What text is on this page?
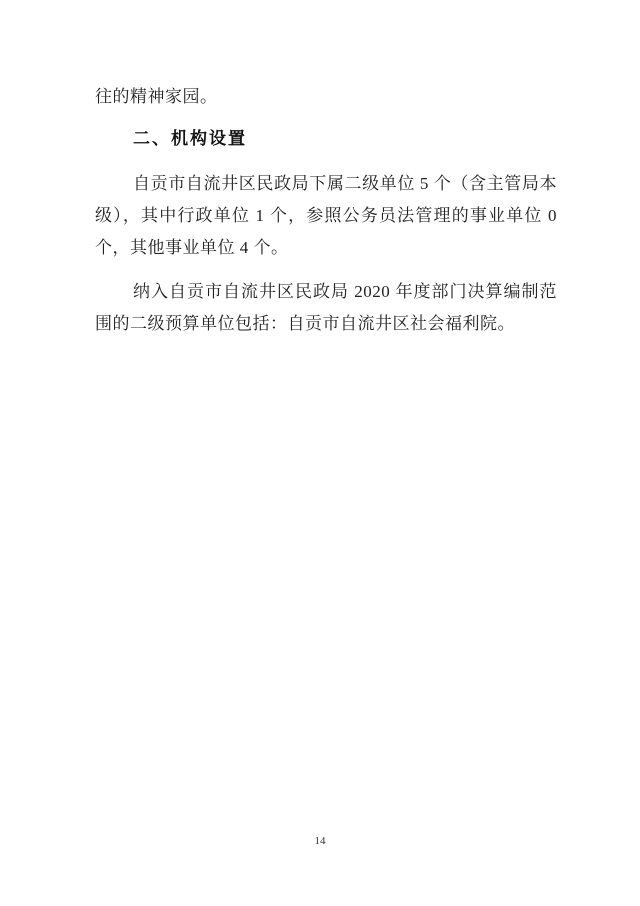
往的精神家园。

二、机构设置

自贡市自流井区民政局下属二级单位 5 个（含主管局本级），其中行政单位 1 个，参照公务员法管理的事业单位 0 个，其他事业单位 4 个。

纳入自贡市自流井区民政局 2020 年度部门决算编制范围的二级预算单位包括：自贡市自流井区社会福利院。

14
